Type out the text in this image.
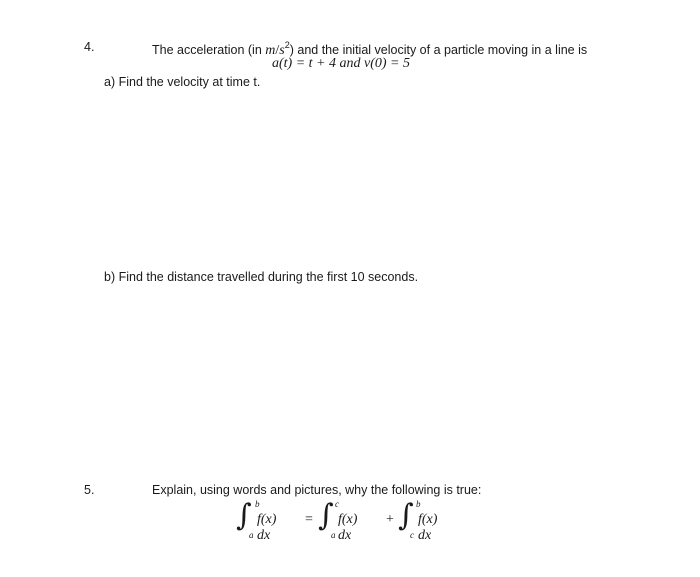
4.	The acceleration (in $m/s^2$) and the initial velocity of a particle moving in a line is
a(t) = t + 4 and v(0) = 5
a) Find the velocity at time t.
b) Find the distance travelled during the first 10 seconds.
5.	Explain, using words and pictures, why the following is true:
∫ b
a
f(x) dx
= ∫ c
a
f(x) dx
+ ∫ b
c
f(x) dx
